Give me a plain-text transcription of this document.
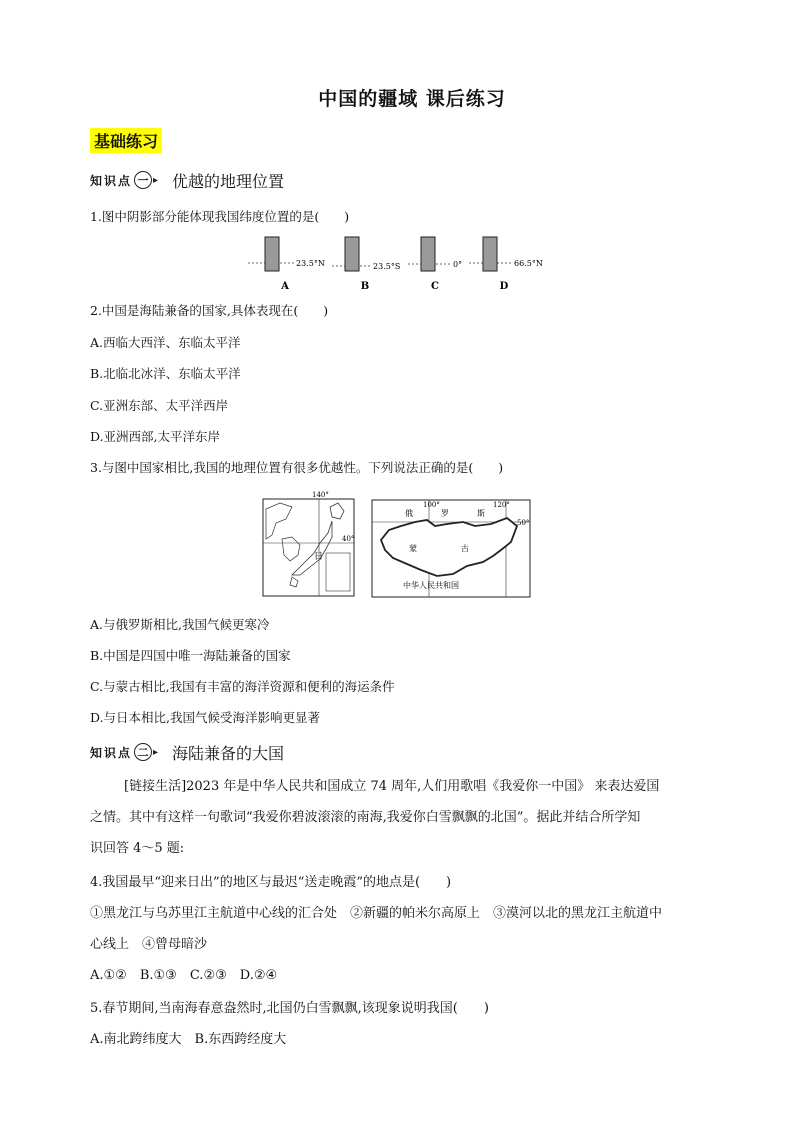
中国的疆域 课后练习
基础练习
知识点 一 ▸ 优越的地理位置
1.图中阴影部分能体现我国纬度位置的是(　　)
23.5°N
A
23.5°S
B
0°
C
66.5°N
D
2.中国是海陆兼备的国家,具体表现在(　　)
A.西临大西洋、东临太平洋
B.北临北冰洋、东临太平洋
C.亚洲东部、太平洋西岸
D.亚洲西部,太平洋东岸
3.与图中国家相比,我国的地理位置有很多优越性。下列说法正确的是(　　)
140°
40°
日
100°	120°
50°
俄	罗	斯
蒙	古
中华人民共和国
A.与俄罗斯相比,我国气候更寒冷
B.中国是四国中唯一海陆兼备的国家
C.与蒙古相比,我国有丰富的海洋资源和便利的海运条件
D.与日本相比,我国气候受海洋影响更显著
知识点 二 ▸ 海陆兼备的大国
[链接生活]2023 年是中华人民共和国成立 74 周年,人们用歌唱《我爱你一中国》 来表达爱国
之情。其中有这样一句歌词“我爱你碧波滚滚的南海,我爱你白雪飘飘的北国”。据此并结合所学知
识回答 4～5 题:
4.我国最早“迎来日出”的地区与最迟“送走晚霞”的地点是(　　)
①黑龙江与乌苏里江主航道中心线的汇合处　②新疆的帕米尔高原上　③漠河以北的黑龙江主航道中
心线上　④曾母暗沙
A.①②　B.①③　C.②③　D.②④
5.春节期间,当南海春意盎然时,北国仍白雪飘飘,该现象说明我国(　　)
A.南北跨纬度大　B.东西跨经度大
